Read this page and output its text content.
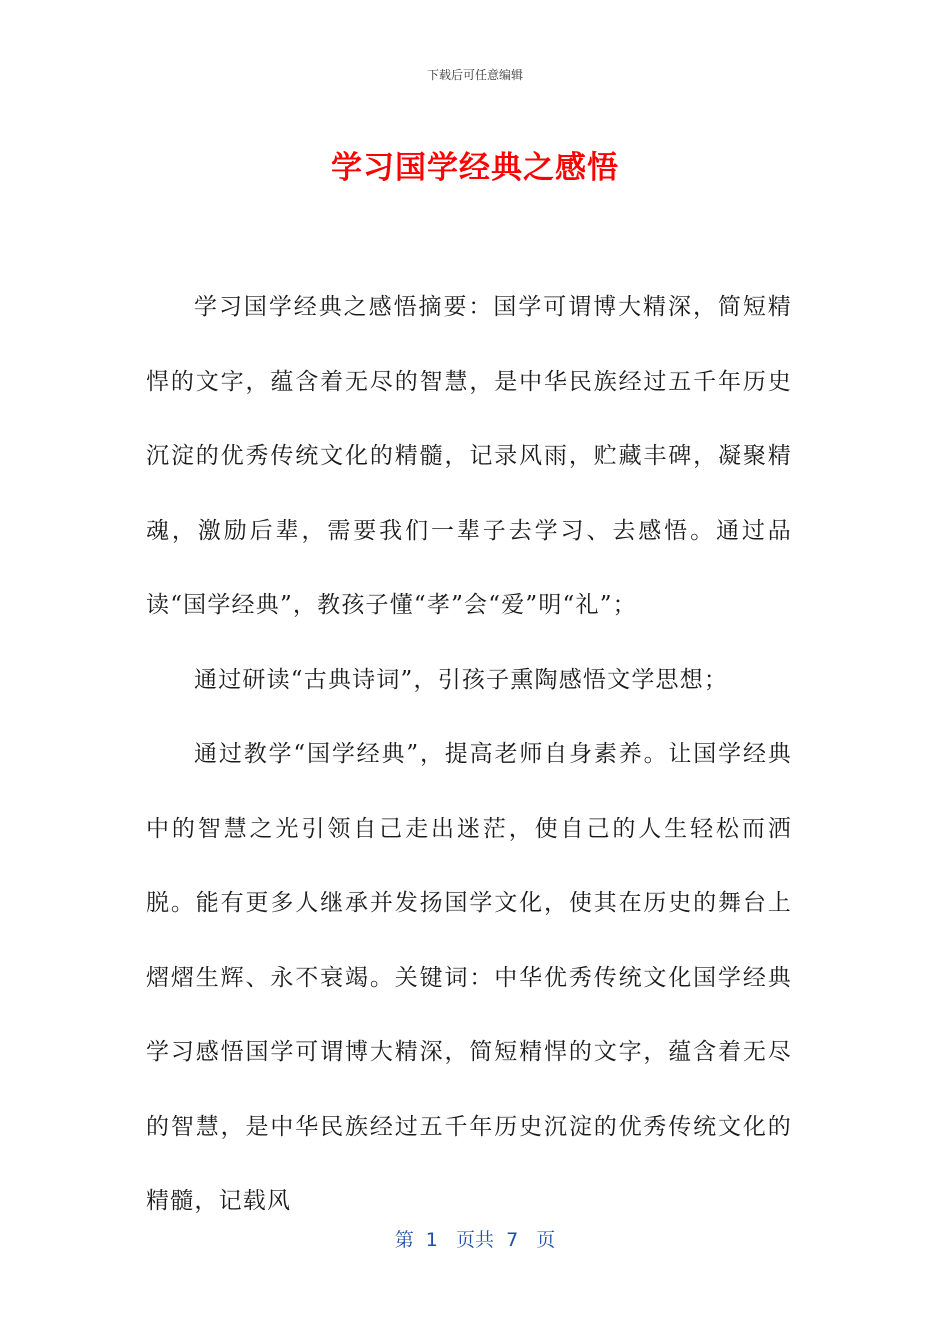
下载后可任意编辑
学习国学经典之感悟

学习国学经典之感悟摘要：国学可谓博大精深，简短精悍的文字，蕴含着无尽的智慧，是中华民族经过五千年历史沉淀的优秀传统文化的精髓，记录风雨，贮藏丰碑，凝聚精魂，激励后辈，需要我们一辈子去学习、去感悟。通过品读“国学经典”，教孩子懂“孝”会“爱”明“礼”；

通过研读“古典诗词”，引孩子熏陶感悟文学思想；

通过教学“国学经典”，提高老师自身素养。让国学经典中的智慧之光引领自己走出迷茫，使自己的人生轻松而洒脱。能有更多人继承并发扬国学文化，使其在历史的舞台上熠熠生辉、永不衰竭。关键词：中华优秀传统文化国学经典学习感悟国学可谓博大精深，简短精悍的文字，蕴含着无尽的智慧，是中华民族经过五千年历史沉淀的优秀传统文化的精髓，记载风

第  1   页共  7   页
